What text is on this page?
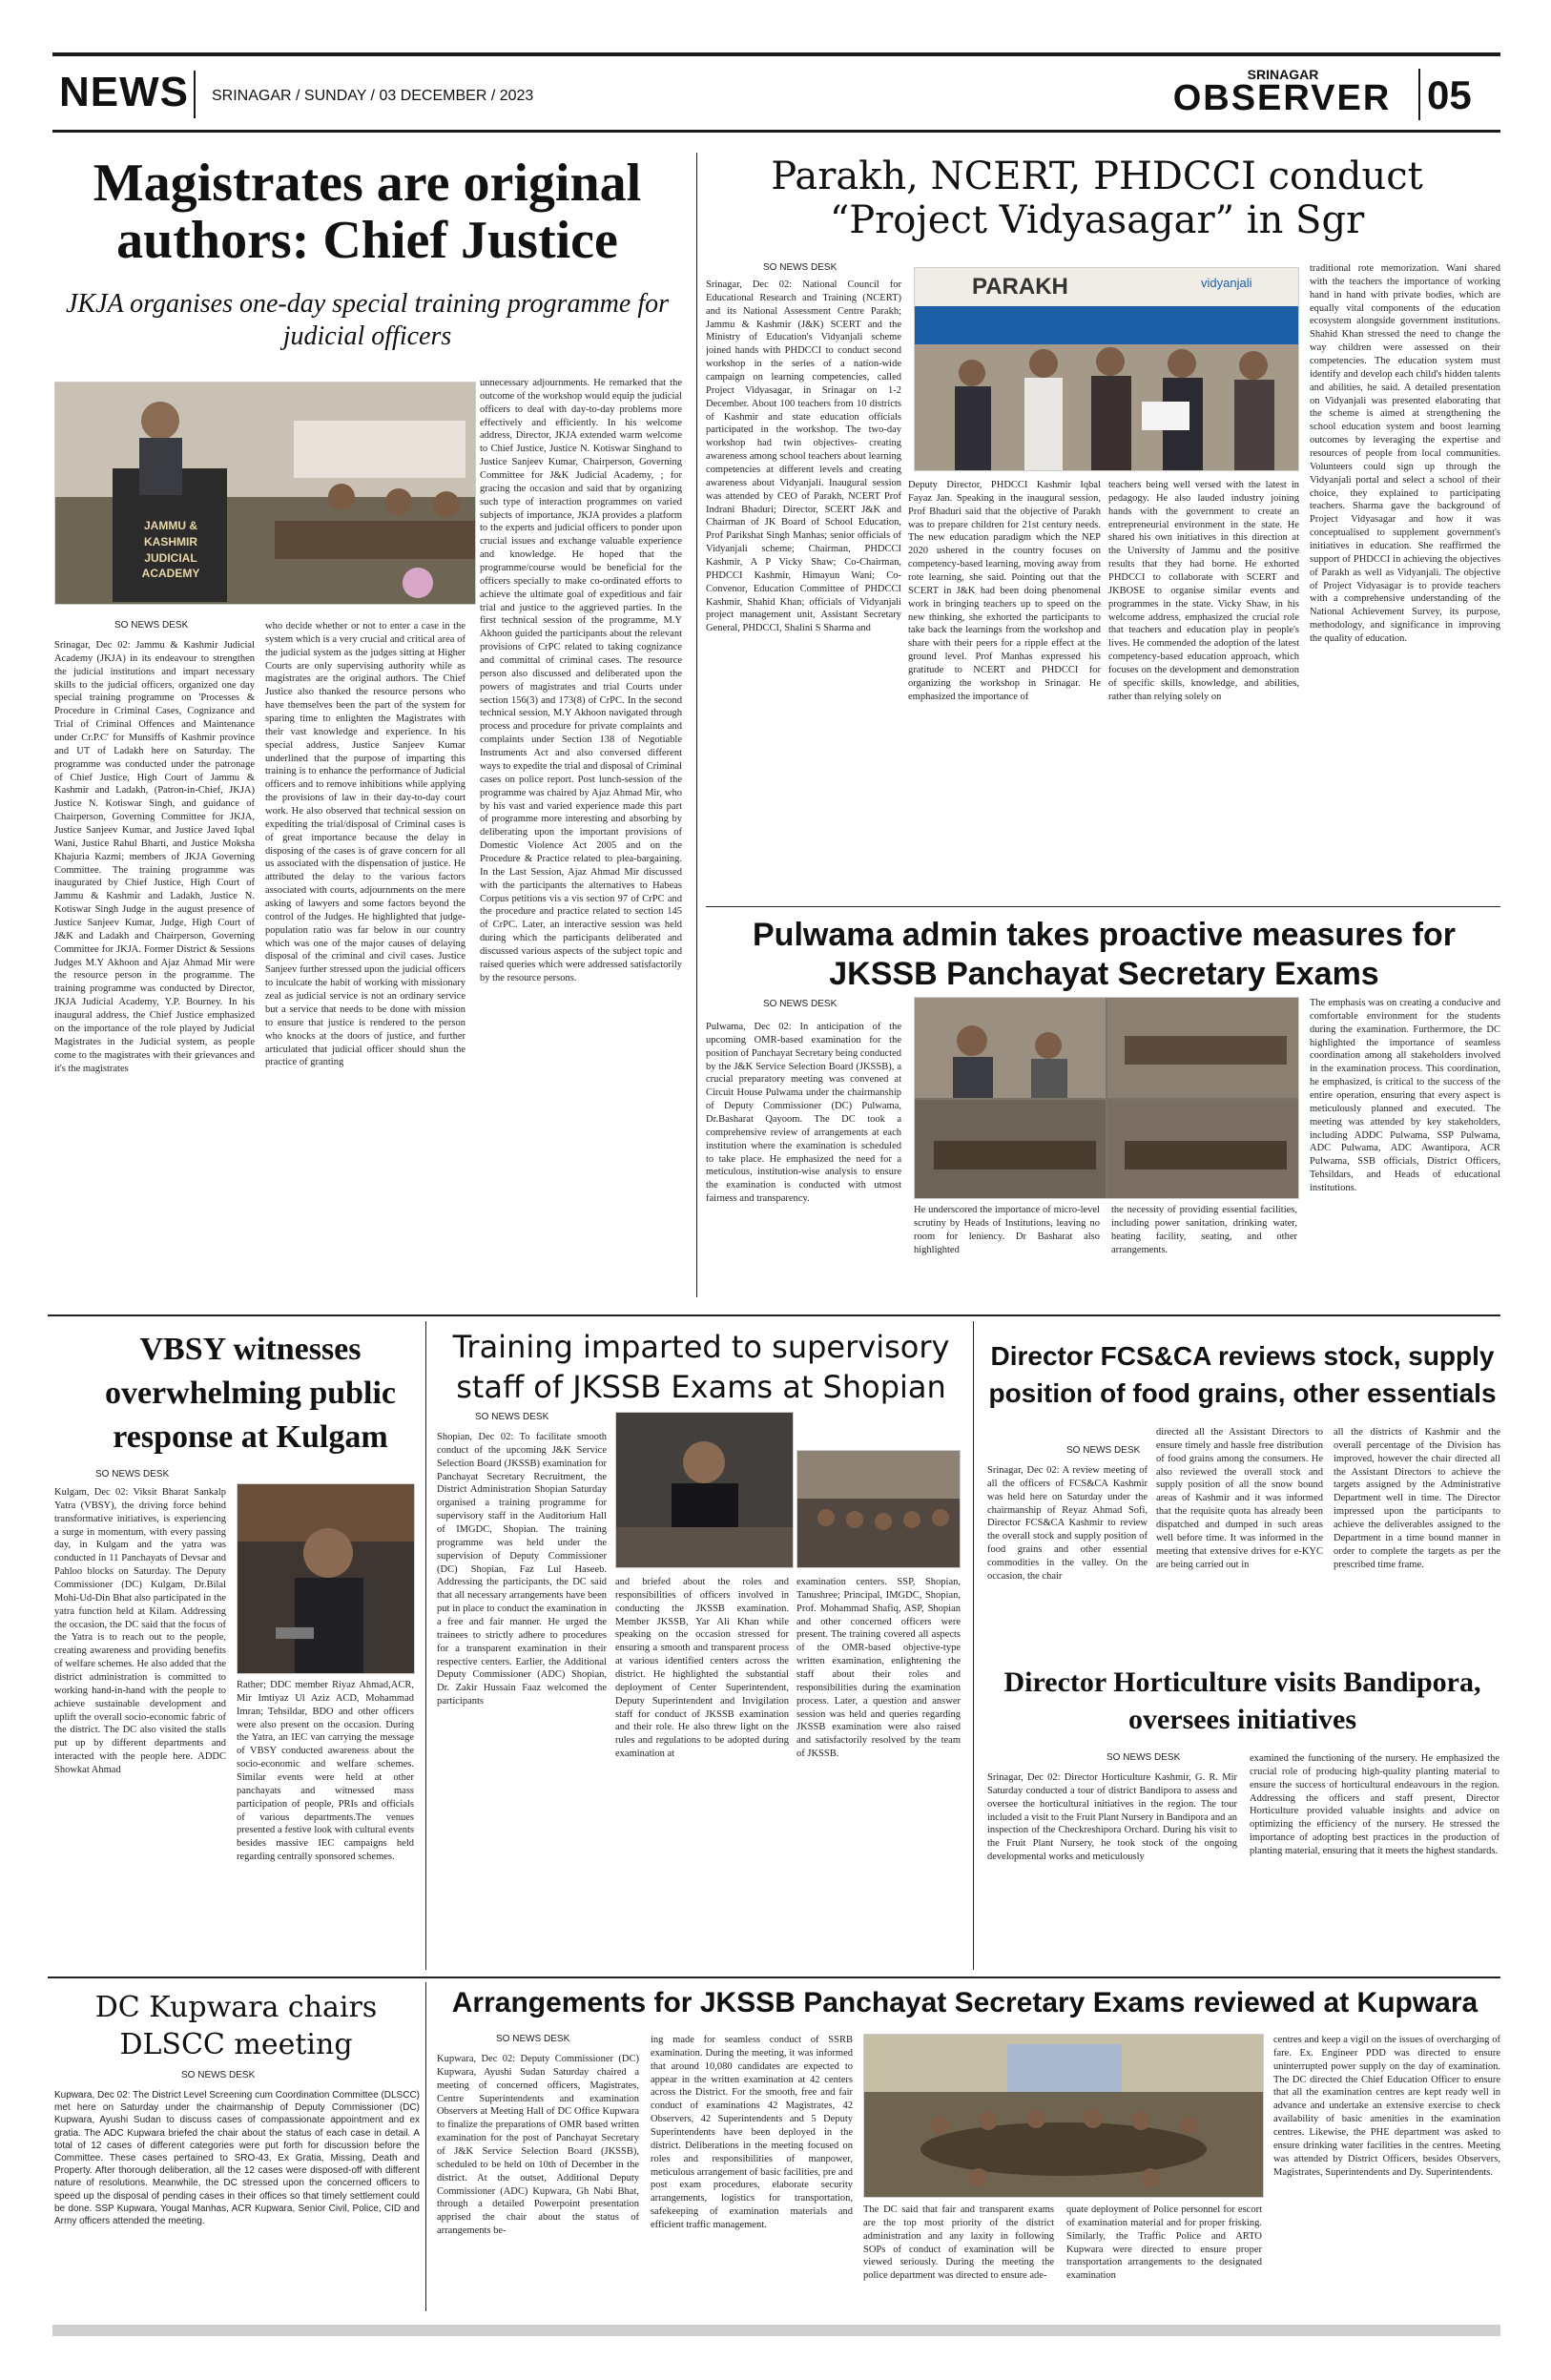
NEWS SRINAGAR / SUNDAY / 03 DECEMBER / 2023
SRINAGAR
OBSERVER 05
Magistrates are original authors: Chief Justice
JKJA organises one-day special training programme for judicial officers
JAMMU & KASHMIR
JUDICIAL ACADEMY
SO NEWS DESK
Srinagar, Dec 02: Jammu & Kashmir Judicial Academy (JKJA) in its endeavour to strengthen the judicial institutions and impart necessary skills to the judicial officers, organized one day special training programme on 'Processes & Procedure in Criminal Cases, Cognizance and Trial of Criminal Offences and Maintenance under Cr.P.C' for Munsiffs of Kashmir province and UT of Ladakh here on Saturday. The programme was conducted under the patronage of Chief Justice, High Court of Jammu & Kashmir and Ladakh, (Patron-in-Chief, JKJA) Justice N. Kotiswar Singh, and guidance of Chairperson, Governing Committee for JKJA, Justice Sanjeev Kumar, and Justice Javed Iqbal Wani, Justice Rahul Bharti, and Justice Moksha Khajuria Kazmi; members of JKJA Governing Committee. The training programme was inaugurated by Chief Justice, High Court of Jammu & Kashmir and Ladakh, Justice N. Kotiswar Singh Judge in the august presence of Justice Sanjeev Kumar, Judge, High Court of J&K and Ladakh and Chairperson, Governing Committee for JKJA. Former District & Sessions Judges M.Y Akhoon and Ajaz Ahmad Mir were the resource person in the programme. The training programme was conducted by Director, JKJA Judicial Academy, Y.P. Bourney. In his inaugural address, the Chief Justice emphasized on the importance of the role played by Judicial Magistrates in the Judicial system, as people come to the magistrates with their grievances and it's the magistrates
who decide whether or not to enter a case in the system which is a very crucial and critical area of the judicial system as the judges sitting at Higher Courts are only supervising authority while as magistrates are the original authors. The Chief Justice also thanked the resource persons who have themselves been the part of the system for sparing time to enlighten the Magistrates with their vast knowledge and experience. In his special address, Justice Sanjeev Kumar underlined that the purpose of imparting this training is to enhance the performance of Judicial officers and to remove inhibitions while applying the provisions of law in their day-to-day court work. He also observed that technical session on expediting the trial/disposal of Criminal cases is of great importance because the delay in disposing of the cases is of grave concern for all us associated with the dispensation of justice. He attributed the delay to the various factors associated with courts, adjournments on the mere asking of lawyers and some factors beyond the control of the Judges. He highlighted that judge-population ratio was far below in our country which was one of the major causes of delaying disposal of the criminal and civil cases. Justice Sanjeev further stressed upon the judicial officers to inculcate the habit of working with missionary zeal as judicial service is not an ordinary service but a service that needs to be done with mission to ensure that justice is rendered to the person who knocks at the doors of justice, and further articulated that judicial officer should shun the practice of granting
unnecessary adjournments. He remarked that the outcome of the workshop would equip the judicial officers to deal with day-to-day problems more effectively and efficiently. In his welcome address, Director, JKJA extended warm welcome to Chief Justice, Justice N. Kotiswar Singhand to Justice Sanjeev Kumar, Chairperson, Governing Committee for J&K Judicial Academy, ; for gracing the occasion and said that by organizing such type of interaction programmes on varied subjects of importance, JKJA provides a platform to the experts and judicial officers to ponder upon crucial issues and exchange valuable experience and knowledge. He hoped that the programme/course would be beneficial for the officers specially to make co-ordinated efforts to achieve the ultimate goal of expeditious and fair trial and justice to the aggrieved parties. In the first technical session of the programme, M.Y Akhoon guided the participants about the relevant provisions of CrPC related to taking cognizance and committal of criminal cases. The resource person also discussed and deliberated upon the powers of magistrates and trial Courts under section 156(3) and 173(8) of CrPC. In the second technical session, M.Y Akhoon navigated through process and procedure for private complaints and complaints under Section 138 of Negotiable Instruments Act and also conversed different ways to expedite the trial and disposal of Criminal cases on police report. Post lunch-session of the programme was chaired by Ajaz Ahmad Mir, who by his vast and varied experience made this part of programme more interesting and absorbing by deliberating upon the important provisions of Domestic Violence Act 2005 and on the Procedure & Practice related to plea-bargaining. In the Last Session, Ajaz Ahmad Mir discussed with the participants the alternatives to Habeas Corpus petitions vis a vis section 97 of CrPC and the procedure and practice related to section 145 of CrPC. Later, an interactive session was held during which the participants deliberated and discussed various aspects of the subject topic and raised queries which were addressed satisfactorily by the resource persons.
Parakh, NCERT, PHDCCI conduct “Project Vidyasagar” in Sgr
SO NEWS DESK
Srinagar, Dec 02: National Council for Educational Research and Training (NCERT) and its National Assessment Centre Parakh; Jammu & Kashmir (J&K) SCERT and the Ministry of Education's Vidyanjali scheme joined hands with PHDCCI to conduct second workshop in the series of a nation-wide campaign on learning competencies, called Project Vidyasagar, in Srinagar on 1-2 December. About 100 teachers from 10 districts of Kashmir and state education officials participated in the workshop. The two-day workshop had twin objectives- creating awareness among school teachers about learning competencies at different levels and creating awareness about Vidyanjali. Inaugural session was attended by CEO of Parakh, NCERT Prof Indrani Bhaduri; Director, SCERT J&K and Chairman of JK Board of School Education, Prof Parikshat Singh Manhas; senior officials of Vidyanjali scheme; Chairman, PHDCCI Kashmir, A P Vicky Shaw; Co-Chairman, PHDCCI Kashmir, Himayun Wani; Co-Convenor, Education Committee of PHDCCI Kashmir, Shahid Khan; officials of Vidyanjali project management unit, Assistant Secretary General, PHDCCI, Shalini S Sharma and
PARAKH	vidyanjali
Deputy Director, PHDCCI Kashmir Iqbal Fayaz Jan. Speaking in the inaugural session, Prof Bhaduri said that the objective of Parakh was to prepare children for 21st century needs. The new education paradigm which the NEP 2020 ushered in the country focuses on competency-based learning, moving away from rote learning, she said. Pointing out that the SCERT in J&K had been doing phenomenal work in bringing teachers up to speed on the new thinking, she exhorted the participants to take back the learnings from the workshop and share with their peers for a ripple effect at the ground level. Prof Manhas expressed his gratitude to NCERT and PHDCCI for organizing the workshop in Srinagar. He emphasized the importance of
teachers being well versed with the latest in pedagogy. He also lauded industry joining hands with the government to create an entrepreneurial environment in the state. He shared his own initiatives in this direction at the University of Jammu and the positive results that they had borne. He exhorted PHDCCI to collaborate with SCERT and JKBOSE to organise similar events and programmes in the state. Vicky Shaw, in his welcome address, emphasized the crucial role that teachers and education play in people's lives. He commended the adoption of the latest competency-based education approach, which focuses on the development and demonstration of specific skills, knowledge, and abilities, rather than relying solely on
traditional rote memorization. Wani shared with the teachers the importance of working hand in hand with private bodies, which are equally vital components of the education ecosystem alongside government institutions. Shahid Khan stressed the need to change the way children were assessed on their competencies. The education system must identify and develop each child's hidden talents and abilities, he said. A detailed presentation on Vidyanjali was presented elaborating that the scheme is aimed at strengthening the school education system and boost learning outcomes by leveraging the expertise and resources of people from local communities. Volunteers could sign up through the Vidyanjali portal and select a school of their choice, they explained to participating teachers. Sharma gave the background of Project Vidyasagar and how it was conceptualised to supplement government's initiatives in education. She reaffirmed the support of PHDCCI in achieving the objectives of Parakh as well as Vidyanjali. The objective of Project Vidyasagar is to provide teachers with a comprehensive understanding of the National Achievement Survey, its purpose, methodology, and significance in improving the quality of education.
Pulwama admin takes proactive measures for JKSSB Panchayat Secretary Exams
SO NEWS DESK
Pulwama, Dec 02: In anticipation of the upcoming OMR-based examination for the position of Panchayat Secretary being conducted by the J&K Service Selection Board (JKSSB), a crucial preparatory meeting was convened at Circuit House Pulwama under the chairmanship of Deputy Commissioner (DC) Pulwama, Dr.Basharat Qayoom. The DC took a comprehensive review of arrangements at each institution where the examination is scheduled to take place. He emphasized the need for a meticulous, institution-wise analysis to ensure the examination is conducted with utmost fairness and transparency.
He underscored the importance of micro-level scrutiny by Heads of Institutions, leaving no room for leniency. Dr Basharat also highlighted
the necessity of providing essential facilities, including power sanitation, drinking water, heating facility, seating, and other arrangements.
The emphasis was on creating a conducive and comfortable environment for the students during the examination. Furthermore, the DC highlighted the importance of seamless coordination among all stakeholders involved in the examination process. This coordination, he emphasized, is critical to the success of the entire operation, ensuring that every aspect is meticulously planned and executed. The meeting was attended by key stakeholders, including ADDC Pulwama, SSP Pulwama, ADC Pulwama, ADC Awantipora, ACR Pulwama, SSB officials, District Officers, Tehsildars, and Heads of educational institutions.
VBSY witnesses overwhelming public response at Kulgam
SO NEWS DESK
Kulgam, Dec 02: Viksit Bharat Sankalp Yatra (VBSY), the driving force behind transformative initiatives, is experiencing a surge in momentum, with every passing day, in Kulgam and the yatra was conducted in 11 Panchayats of Devsar and Pahloo blocks on Saturday. The Deputy Commissioner (DC) Kulgam, Dr.Bilal Mohi-Ud-Din Bhat also participated in the yatra function held at Kilam. Addressing the occasion, the DC said that the focus of the Yatra is to reach out to the people, creating awareness and providing benefits of welfare schemes. He also added that the district administration is committed to working hand-in-hand with the people to achieve sustainable development and uplift the overall socio-economic fabric of the district. The DC also visited the stalls put up by different departments and interacted with the people here. ADDC Showkat Ahmad
Rather; DDC member Riyaz Ahmad,ACR, Mir Imtiyaz Ul Aziz ACD, Mohammad Imran; Tehsildar, BDO and other officers were also present on the occasion. During the Yatra, an IEC van carrying the message of VBSY conducted awareness about the socio-economic and welfare schemes. Similar events were held at other panchayats and witnessed mass participation of people, PRIs and officials of various departments.The venues presented a festive look with cultural events besides massive IEC campaigns held regarding centrally sponsored schemes.
Training imparted to supervisory staff of JKSSB Exams at Shopian
SO NEWS DESK
Shopian, Dec 02: To facilitate smooth conduct of the upcoming J&K Service Selection Board (JKSSB) examination for Panchayat Secretary Recruitment, the District Administration Shopian Saturday organised a training programme for supervisory staff in the Auditorium Hall of IMGDC, Shopian. The training programme was held under the supervision of Deputy Commissioner (DC) Shopian, Faz Lul Haseeb. Addressing the participants, the DC said that all necessary arrangements have been put in place to conduct the examination in a free and fair manner. He urged the trainees to strictly adhere to procedures for a transparent examination in their respective centers. Earlier, the Additional Deputy Commissioner (ADC) Shopian, Dr. Zakir Hussain Faaz welcomed the participants
and briefed about the roles and responsibilities of officers involved in conducting the JKSSB examination. Member JKSSB, Yar Ali Khan while speaking on the occasion stressed for ensuring a smooth and transparent process at various identified centers across the district. He highlighted the substantial deployment of Center Superintendent, Deputy Superintendent and Invigilation staff for conduct of JKSSB examination and their role. He also threw light on the rules and regulations to be adopted during examination at
examination centers. SSP, Shopian, Tanushree; Principal, IMGDC, Shopian, Prof. Mohammad Shafiq, ASP, Shopian and other concerned officers were present. The training covered all aspects of the OMR-based objective-type written examination, enlightening the staff about their roles and responsibilities during the examination process. Later, a question and answer session was held and queries regarding JKSSB examination were also raised and satisfactorily resolved by the team of JKSSB.
Director FCS&CA reviews stock, supply position of food grains, other essentials
SO NEWS DESK
Srinagar, Dec 02: A review meeting of all the officers of FCS&CA Kashmir was held here on Saturday under the chairmanship of Reyaz Ahmad Sofi, Director FCS&CA Kashmir to review the overall stock and supply position of food grains and other essential commodities in the valley. On the occasion, the chair
directed all the Assistant Directors to ensure timely and hassle free distribution of food grains among the consumers. He also reviewed the overall stock and supply position of all the snow bound areas of Kashmir and it was informed that the requisite quota has already been dispatched and dumped in such areas well before time. It was informed in the meeting that extensive drives for e-KYC are being carried out in
all the districts of Kashmir and the overall percentage of the Division has improved, however the chair directed all the Assistant Directors to achieve the targets assigned by the Administrative Department well in time. The Director impressed upon the participants to achieve the deliverables assigned to the Department in a time bound manner in order to complete the targets as per the prescribed time frame.
Director Horticulture visits Bandipora, oversees initiatives
SO NEWS DESK
Srinagar, Dec 02: Director Horticulture Kashmir, G. R. Mir Saturday conducted a tour of district Bandipora to assess and oversee the horticultural initiatives in the region. The tour included a visit to the Fruit Plant Nursery in Bandipora and an inspection of the Checkreshipora Orchard. During his visit to the Fruit Plant Nursery, he took stock of the ongoing developmental works and meticulously
examined the functioning of the nursery. He emphasized the crucial role of producing high-quality planting material to ensure the success of horticultural endeavours in the region. Addressing the officers and staff present, Director Horticulture provided valuable insights and advice on optimizing the efficiency of the nursery. He stressed the importance of adopting best practices in the production of planting material, ensuring that it meets the highest standards.
Arrangements for JKSSB Panchayat Secretary Exams reviewed at Kupwara
DC Kupwara chairs DLSCC meeting
SO NEWS DESK
Kupwara, Dec 02: The District Level Screening cum Coordination Committee (DLSCC) met here on Saturday under the chairmanship of Deputy Commissioner (DC) Kupwara, Ayushi Sudan to discuss cases of compassionate appointment and ex gratia. The ADC Kupwara briefed the chair about the status of each case in detail. A total of 12 cases of different categories were put forth for discussion before the Committee. These cases pertained to SRO-43, Ex Gratia, Missing, Death and Property. After thorough deliberation, all the 12 cases were disposed-off with different nature of resolutions. Meanwhile, the DC stressed upon the concerned officers to speed up the disposal of pending cases in their offices so that timely settlement could be done. SSP Kupwara, Yougal Manhas, ACR Kupwara, Senior Civil, Police, CID and Army officers attended the meeting.
SO NEWS DESK
Kupwara, Dec 02: Deputy Commissioner (DC) Kupwara, Ayushi Sudan Saturday chaired a meeting of concerned officers, Magistrates, Centre Superintendents and examination Observers at Meeting Hall of DC Office Kupwara to finalize the preparations of OMR based written examination for the post of Panchayat Secretary of J&K Service Selection Board (JKSSB), scheduled to be held on 10th of December in the district. At the outset, Additional Deputy Commissioner (ADC) Kupwara, Gh Nabi Bhat, through a detailed Powerpoint presentation apprised the chair about the status of arrangements be-
ing made for seamless conduct of SSRB examination. During the meeting, it was informed that around 10,080 candidates are expected to appear in the written examination at 42 centers across the District. For the smooth, free and fair conduct of examinations 42 Magistrates, 42 Observers, 42 Superintendents and 5 Deputy Superintendents have been deployed in the district. Deliberations in the meeting focused on roles and responsibilities of manpower, meticulous arrangement of basic facilities, pre and post exam procedures, elaborate security arrangements, logistics for transportation, safekeeping of examination materials and efficient traffic management.
The DC said that fair and transparent exams are the top most priority of the district administration and any laxity in following SOPs of conduct of examination will be viewed seriously. During the meeting the police department was directed to ensure ade-
quate deployment of Police personnel for escort of examination material and for proper frisking. Similarly, the Traffic Police and ARTO Kupwara were directed to ensure proper transportation arrangements to the designated examination
centres and keep a vigil on the issues of overcharging of fare. Ex. Engineer PDD was directed to ensure uninterrupted power supply on the day of examination. The DC directed the Chief Education Officer to ensure that all the examination centres are kept ready well in advance and undertake an extensive exercise to check availability of basic amenities in the examination centres. Likewise, the PHE department was asked to ensure drinking water facilities in the centres. Meeting was attended by District Officers, besides Observers, Magistrates, Superintendents and Dy. Superintendents.
